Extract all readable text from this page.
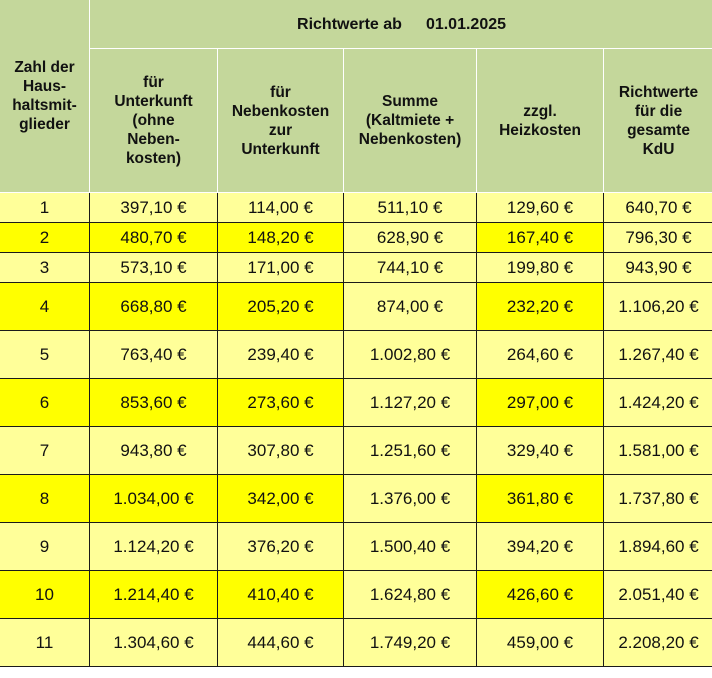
Zahl der
Haus-
haltsmit-
glieder	Richtwerte ab 01.01.2025				
	für
Unterkunft
(ohne
Neben-
kosten)	für
Nebenkosten
zur
Unterkunft	Summe
(Kaltmiete +
Nebenkosten)	zzgl.
Heizkosten	Richtwerte
für die
gesamte
KdU
1	397,10 €	114,00 €	511,10 €	129,60 €	640,70 €
2	480,70 €	148,20 €	628,90 €	167,40 €	796,30 €
3	573,10 €	171,00 €	744,10 €	199,80 €	943,90 €
4	668,80 €	205,20 €	874,00 €	232,20 €	1.106,20 €
5	763,40 €	239,40 €	1.002,80 €	264,60 €	1.267,40 €
6	853,60 €	273,60 €	1.127,20 €	297,00 €	1.424,20 €
7	943,80 €	307,80 €	1.251,60 €	329,40 €	1.581,00 €
8	1.034,00 €	342,00 €	1.376,00 €	361,80 €	1.737,80 €
9	1.124,20 €	376,20 €	1.500,40 €	394,20 €	1.894,60 €
10	1.214,40 €	410,40 €	1.624,80 €	426,60 €	2.051,40 €
11	1.304,60 €	444,60 €	1.749,20 €	459,00 €	2.208,20 €
